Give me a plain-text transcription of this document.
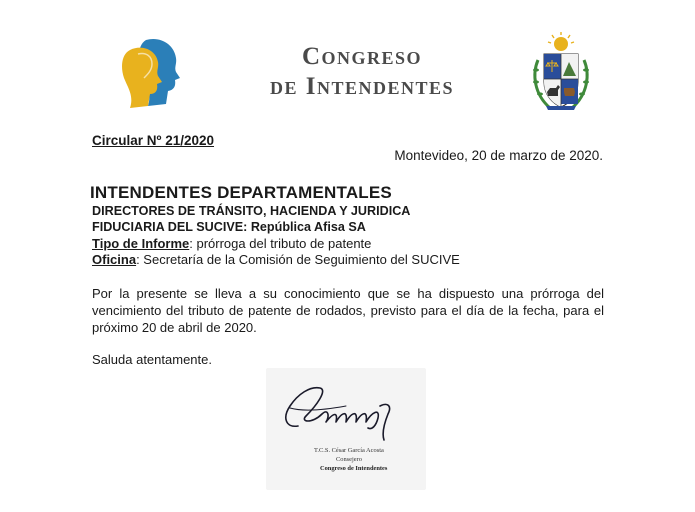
Congreso
de Intendentes
Circular Nº 21/2020
Montevideo, 20 de marzo de 2020.
INTENDENTES DEPARTAMENTALES
DIRECTORES DE TRÁNSITO, HACIENDA Y JURIDICA
FIDUCIARIA DEL SUCIVE: República Afisa SA
Tipo de Informe: prórroga del tributo de patente
Oficina: Secretaría de la Comisión de Seguimiento del SUCIVE
Por la presente se lleva a su conocimiento que se ha dispuesto una prórroga del vencimiento del tributo de patente de rodados, previsto para el día de la fecha, para el próximo 20 de abril de 2020.
Saluda atentamente.
T.C.S. César García Acosta
Consejero
Congreso de Intendentes
